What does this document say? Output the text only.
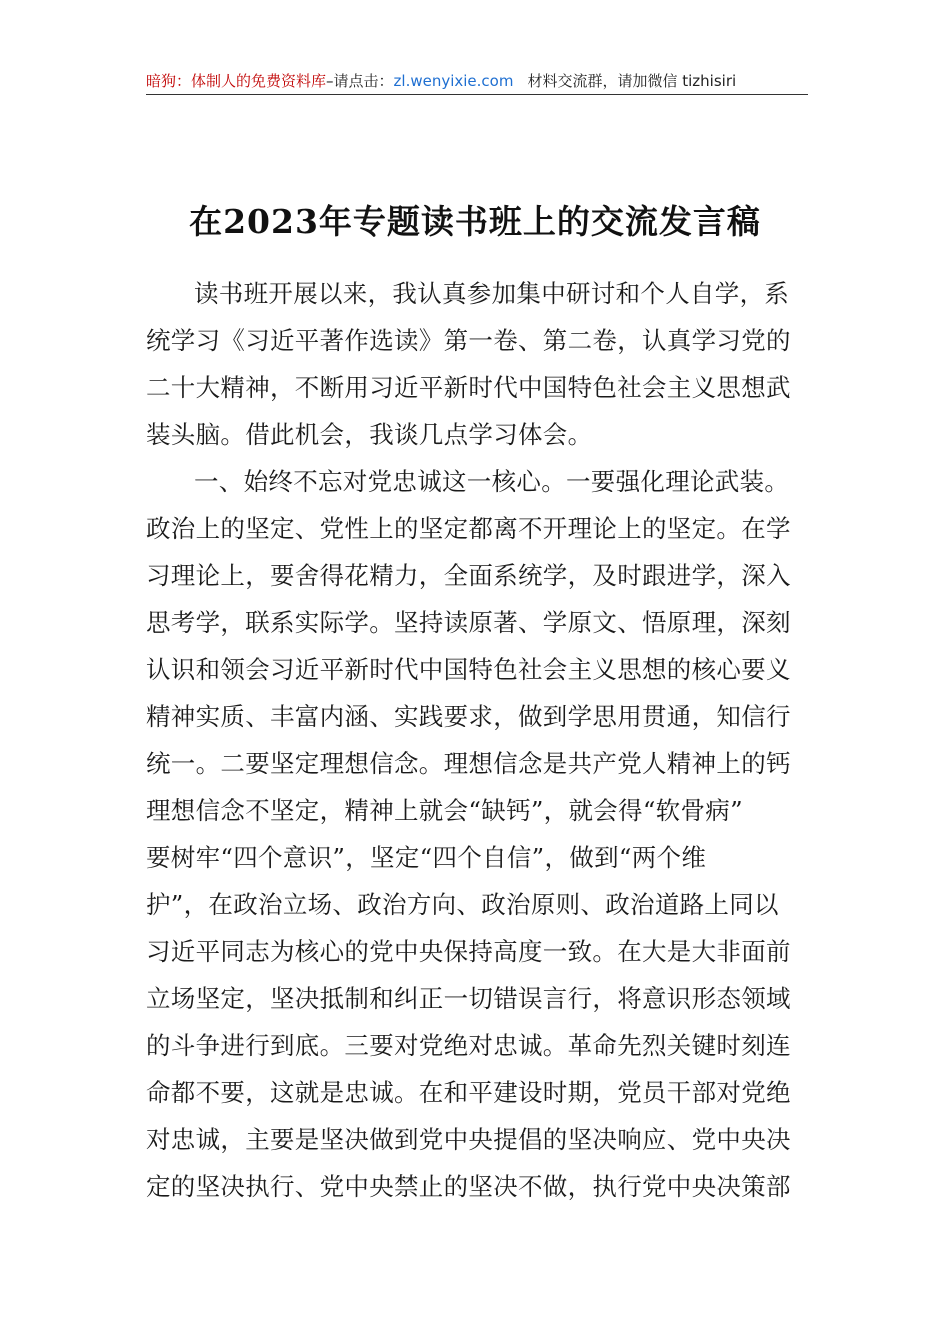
暗狗：体制人的免费资料库–请点击：zl.wenyixie.com 材料交流群，请加微信 tizhisiri
在2023年专题读书班上的交流发言稿
读书班开展以来，我认真参加集中研讨和个人自学，系
统学习《习近平著作选读》第一卷、第二卷，认真学习党的
二十大精神，不断用习近平新时代中国特色社会主义思想武
装头脑。借此机会，我谈几点学习体会。
一、始终不忘对党忠诚这一核心。一要强化理论武装。
政治上的坚定、党性上的坚定都离不开理论上的坚定。在学
习理论上，要舍得花精力，全面系统学，及时跟进学，深入
思考学，联系实际学。坚持读原著、学原文、悟原理，深刻
认识和领会习近平新时代中国特色社会主义思想的核心要义
精神实质、丰富内涵、实践要求，做到学思用贯通，知信行
统一。二要坚定理想信念。理想信念是共产党人精神上的钙
理想信念不坚定，精神上就会“缺钙”，就会得“软骨病”
要树牢“四个意识”，坚定“四个自信”，做到“两个维
护”，在政治立场、政治方向、政治原则、政治道路上同以
习近平同志为核心的党中央保持高度一致。在大是大非面前
立场坚定，坚决抵制和纠正一切错误言行，将意识形态领域
的斗争进行到底。三要对党绝对忠诚。革命先烈关键时刻连
命都不要，这就是忠诚。在和平建设时期，党员干部对党绝
对忠诚，主要是坚决做到党中央提倡的坚决响应、党中央决
定的坚决执行、党中央禁止的坚决不做，执行党中央决策部
